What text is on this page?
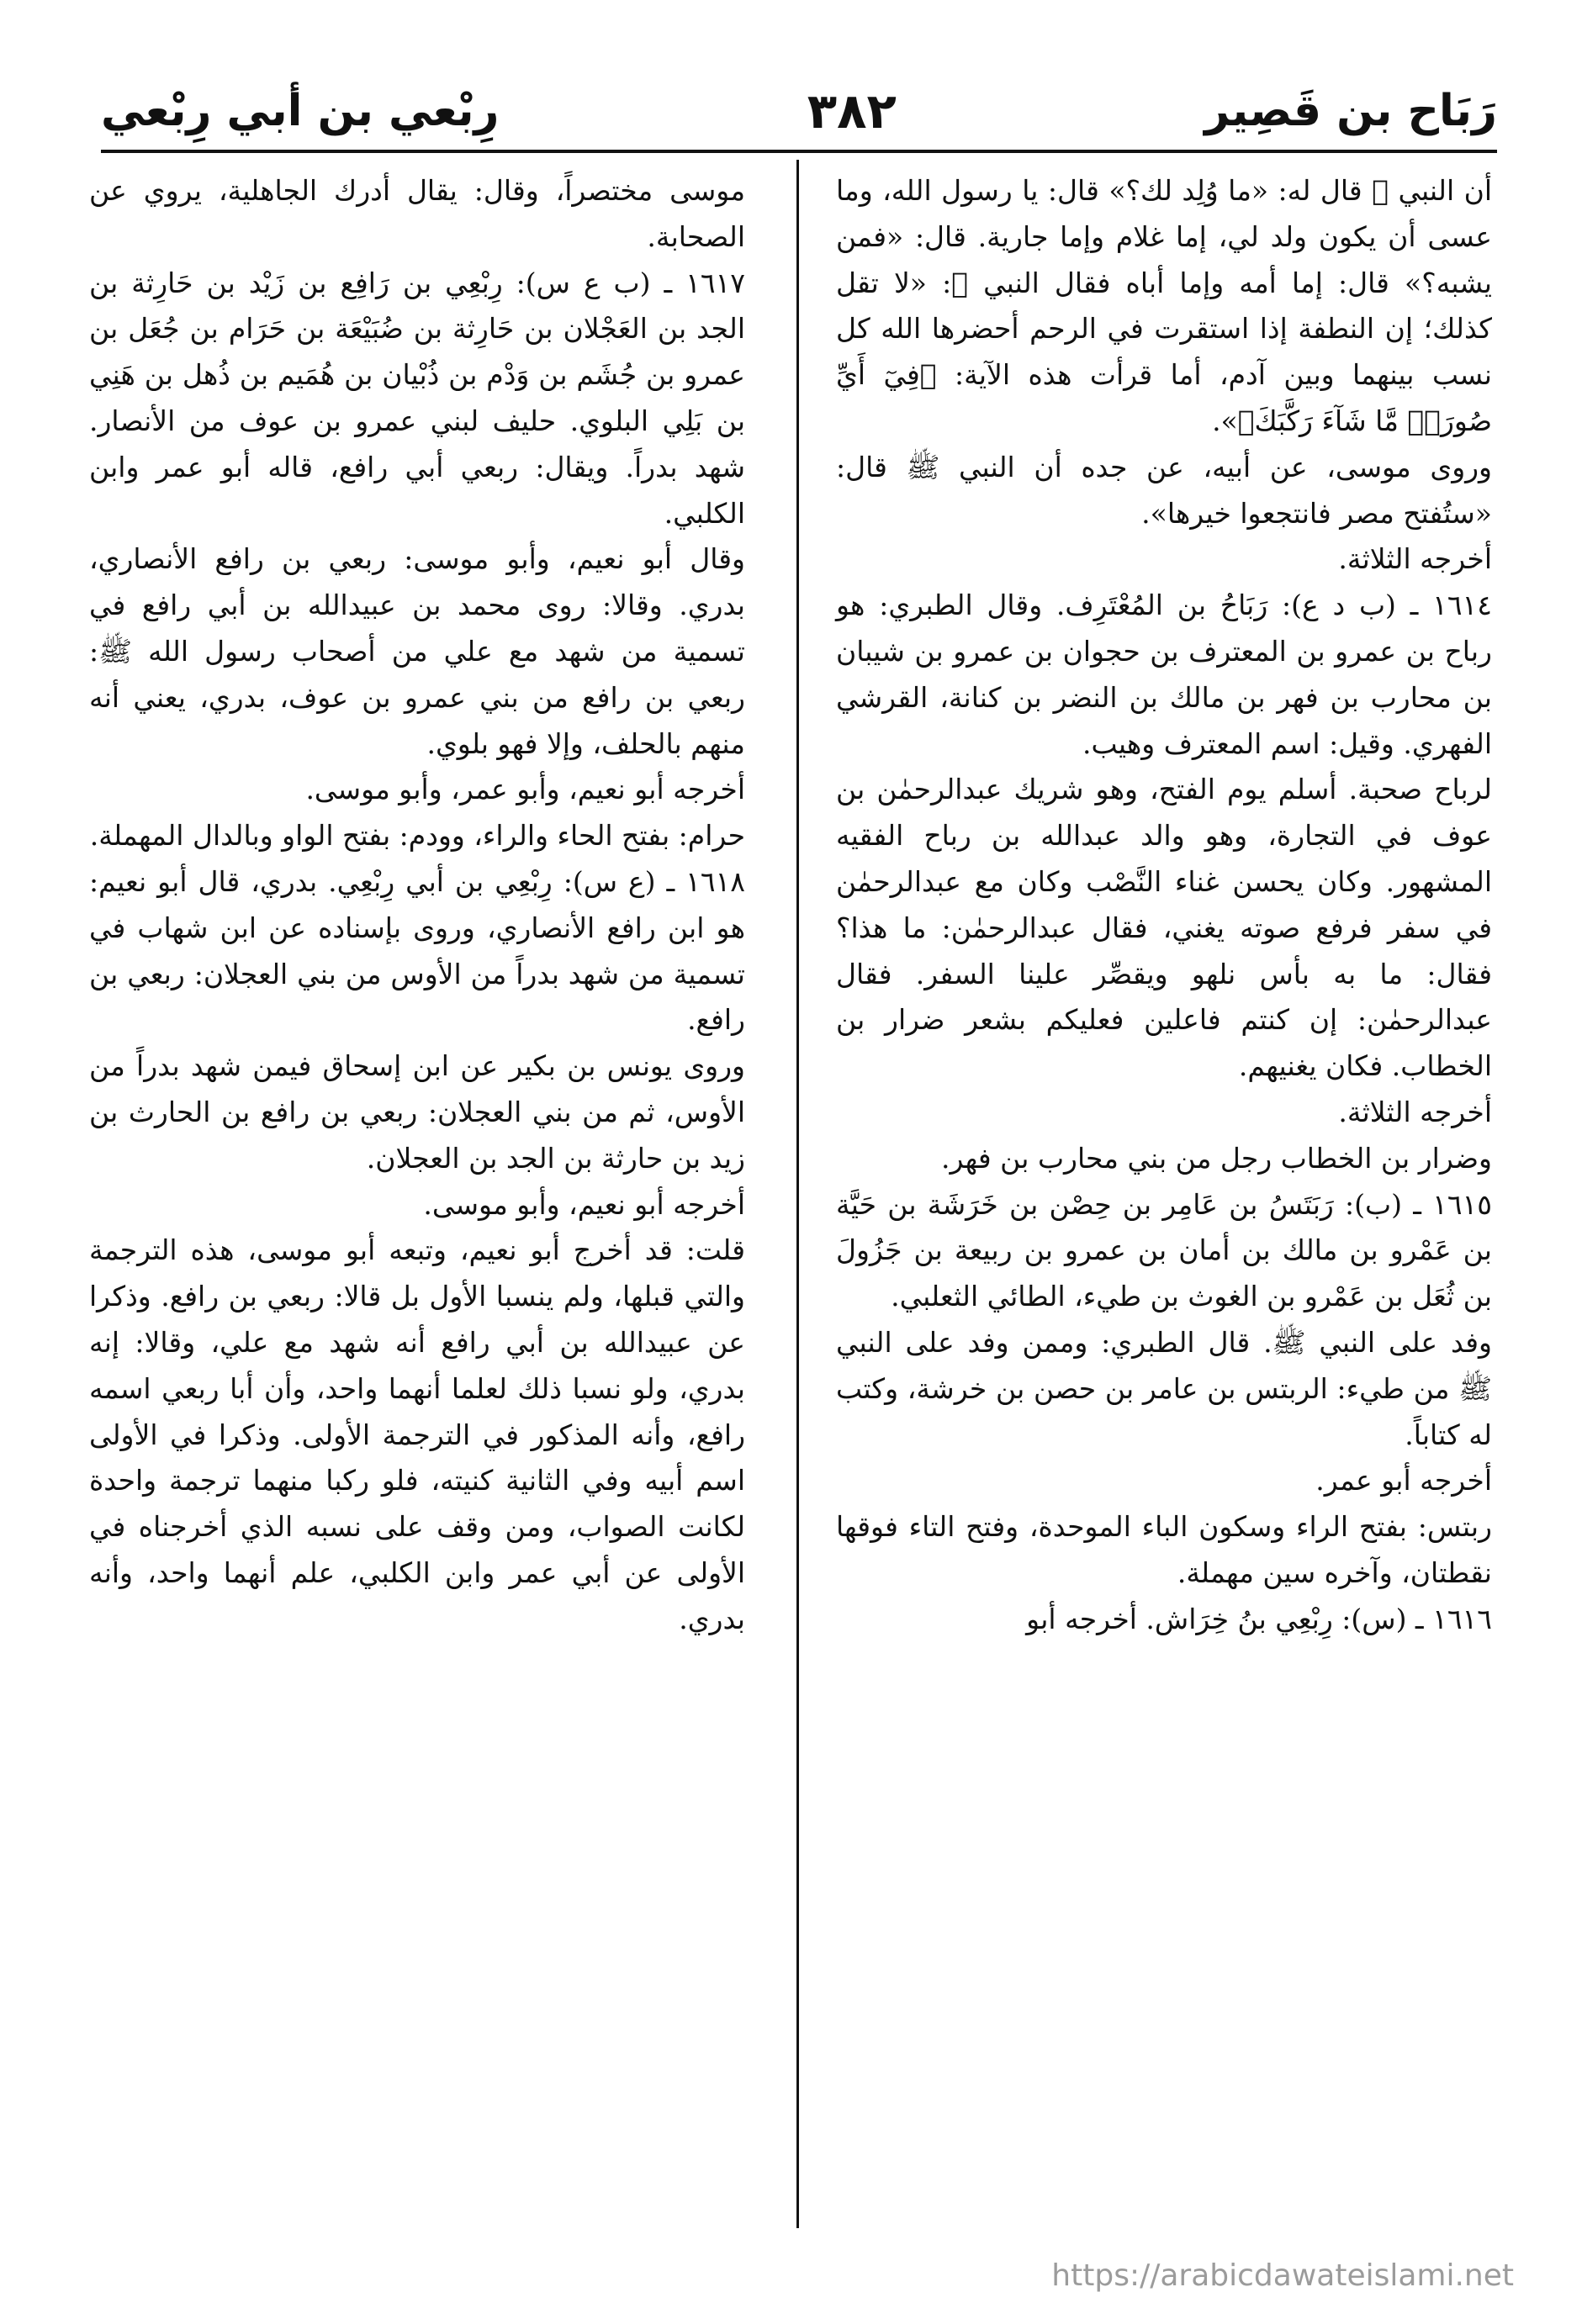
رَبَاح بن قَصِير
٣٨٢
رِبْعي بن أبي رِبْعي

أن النبي ﷺ قال له: «ما وُلِد لك؟» قال: يا رسول الله، وما عسى أن يكون ولد لي، إما غلام وإما جارية. قال: «فمن يشبه؟» قال: إما أمه وإما أباه فقال النبي ﷺ: «لا تقل كذلك؛ إن النطفة إذا استقرت في الرحم أحضرها الله كل نسب بينهما وبين آدم، أما قرأت هذه الآية: ﴿فِيٓ أَيِّ صُورَةٖ مَّا شَآءَ رَكَّبَكَ﴾».

وروى موسى، عن أبيه، عن جده أن النبي ﷺ قال: «ستُفتح مصر فانتجعوا خيرها».

أخرجه الثلاثة.

١٦١٤ ـ (ب د ع): رَبَاحُ بن المُعْتَرِف. وقال الطبري: هو رباح بن عمرو بن المعترف بن حجوان بن عمرو بن شيبان بن محارب بن فهر بن مالك بن النضر بن كنانة، القرشي الفهري. وقيل: اسم المعترف وهيب.

لرباح صحبة. أسلم يوم الفتح، وهو شريك عبدالرحمٰن بن عوف في التجارة، وهو والد عبدالله بن رباح الفقيه المشهور. وكان يحسن غناء النَّصْب وكان مع عبدالرحمٰن في سفر فرفع صوته يغني، فقال عبدالرحمٰن: ما هذا؟ فقال: ما به بأس نلهو ويقصِّر علينا السفر. فقال عبدالرحمٰن: إن كنتم فاعلين فعليكم بشعر ضرار بن الخطاب. فكان يغنيهم.

أخرجه الثلاثة.

وضرار بن الخطاب رجل من بني محارب بن فهر.

١٦١٥ ـ (ب): رَبَتَسُ بن عَامِر بن حِصْن بن خَرَشَة بن حَيَّة بن عَمْرو بن مالك بن أمان بن عمرو بن ربيعة بن جَزُولَ بن ثُعَل بن عَمْرو بن الغوث بن طيء، الطائي الثعلبي.

وفد على النبي ﷺ. قال الطبري: وممن وفد على النبي ﷺ من طيء: الربتس بن عامر بن حصن بن خرشة، وكتب له كتاباً.

أخرجه أبو عمر.

ربتس: بفتح الراء وسكون الباء الموحدة، وفتح التاء فوقها نقطتان، وآخره سين مهملة.

١٦١٦ ـ (س): رِبْعِي بنُ خِرَاش. أخرجه أبو

موسى مختصراً، وقال: يقال أدرك الجاهلية، يروي عن الصحابة.

١٦١٧ ـ (ب ع س): رِبْعِي بن رَافِع بن زَيْد بن حَارِثة بن الجد بن العَجْلان بن حَارِثة بن ضُبَيْعَة بن حَرَام بن جُعَل بن عمرو بن جُشَم بن وَدْم بن ذُبْيان بن هُمَيم بن ذُهل بن هَنِي بن بَلِي البلوي. حليف لبني عمرو بن عوف من الأنصار. شهد بدراً. ويقال: ربعي أبي رافع، قاله أبو عمر وابن الكلبي.

وقال أبو نعيم، وأبو موسى: ربعي بن رافع الأنصاري، بدري. وقالا: روى محمد بن عبيدالله بن أبي رافع في تسمية من شهد مع علي من أصحاب رسول الله ﷺ: ربعي بن رافع من بني عمرو بن عوف، بدري، يعني أنه منهم بالحلف، وإلا فهو بلوي.

أخرجه أبو نعيم، وأبو عمر، وأبو موسى.

حرام: بفتح الحاء والراء، وودم: بفتح الواو وبالدال المهملة.

١٦١٨ ـ (ع س): رِبْعِي بن أبي رِبْعِي. بدري، قال أبو نعيم: هو ابن رافع الأنصاري، وروى بإسناده عن ابن شهاب في تسمية من شهد بدراً من الأوس من بني العجلان: ربعي بن رافع.

وروى يونس بن بكير عن ابن إسحاق فيمن شهد بدراً من الأوس، ثم من بني العجلان: ربعي بن رافع بن الحارث بن زيد بن حارثة بن الجد بن العجلان.

أخرجه أبو نعيم، وأبو موسى.

قلت: قد أخرج أبو نعيم، وتبعه أبو موسى، هذه الترجمة والتي قبلها، ولم ينسبا الأول بل قالا: ربعي بن رافع. وذكرا عن عبيدالله بن أبي رافع أنه شهد مع علي، وقالا: إنه بدري، ولو نسبا ذلك لعلما أنهما واحد، وأن أبا ربعي اسمه رافع، وأنه المذكور في الترجمة الأولى. وذكرا في الأولى اسم أبيه وفي الثانية كنيته، فلو ركبا منهما ترجمة واحدة لكانت الصواب، ومن وقف على نسبه الذي أخرجناه في الأولى عن أبي عمر وابن الكلبي، علم أنهما واحد، وأنه بدري.

https://arabicdawateislami.net
